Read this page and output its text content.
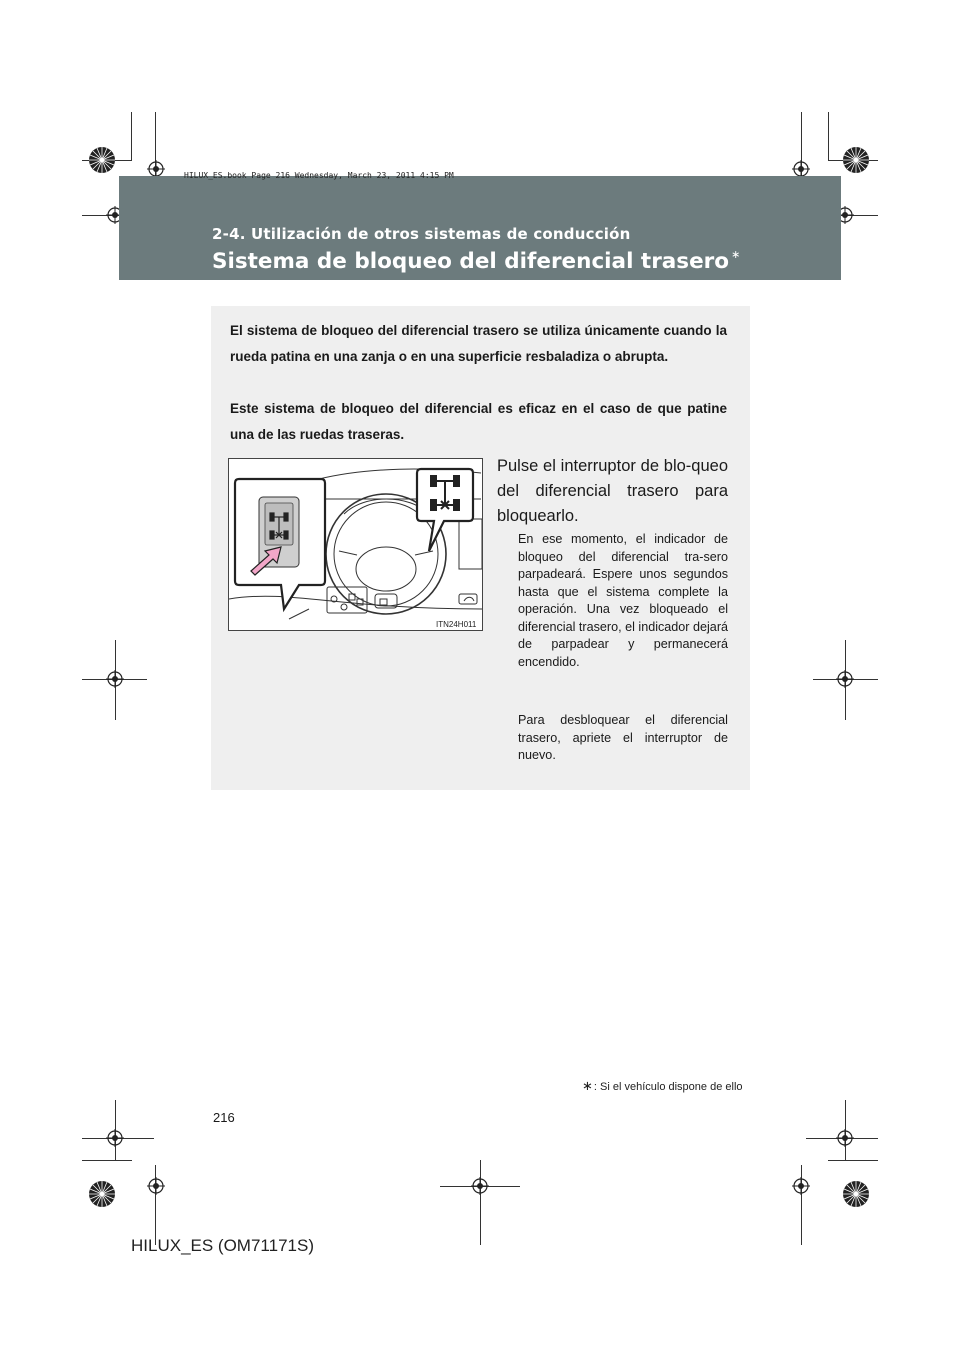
HILUX_ES.book Page 216 Wednesday, March 23, 2011 4:15 PM
2-4. Utilización de otros sistemas de conducción
Sistema de bloqueo del diferencial trasero ∗

El sistema de bloqueo del diferencial trasero se utiliza únicamente cuando la rueda patina en una zanja o en una superficie resbaladiza o abrupta.

Este sistema de bloqueo del diferencial es eficaz en el caso de que patine una de las ruedas traseras.

ITN24H011

Pulse el interruptor de blo-queo del diferencial trasero para bloquearlo.

En ese momento, el indicador de bloqueo del diferencial tra-sero parpadeará. Espere unos segundos hasta que el sistema complete la operación. Una vez bloqueado el diferencial trasero, el indicador dejará de parpadear y permanecerá encendido.

Para desbloquear el diferencial trasero, apriete el interruptor de nuevo.

∗: Si el vehículo dispone de ello
216
HILUX_ES (OM71171S)
